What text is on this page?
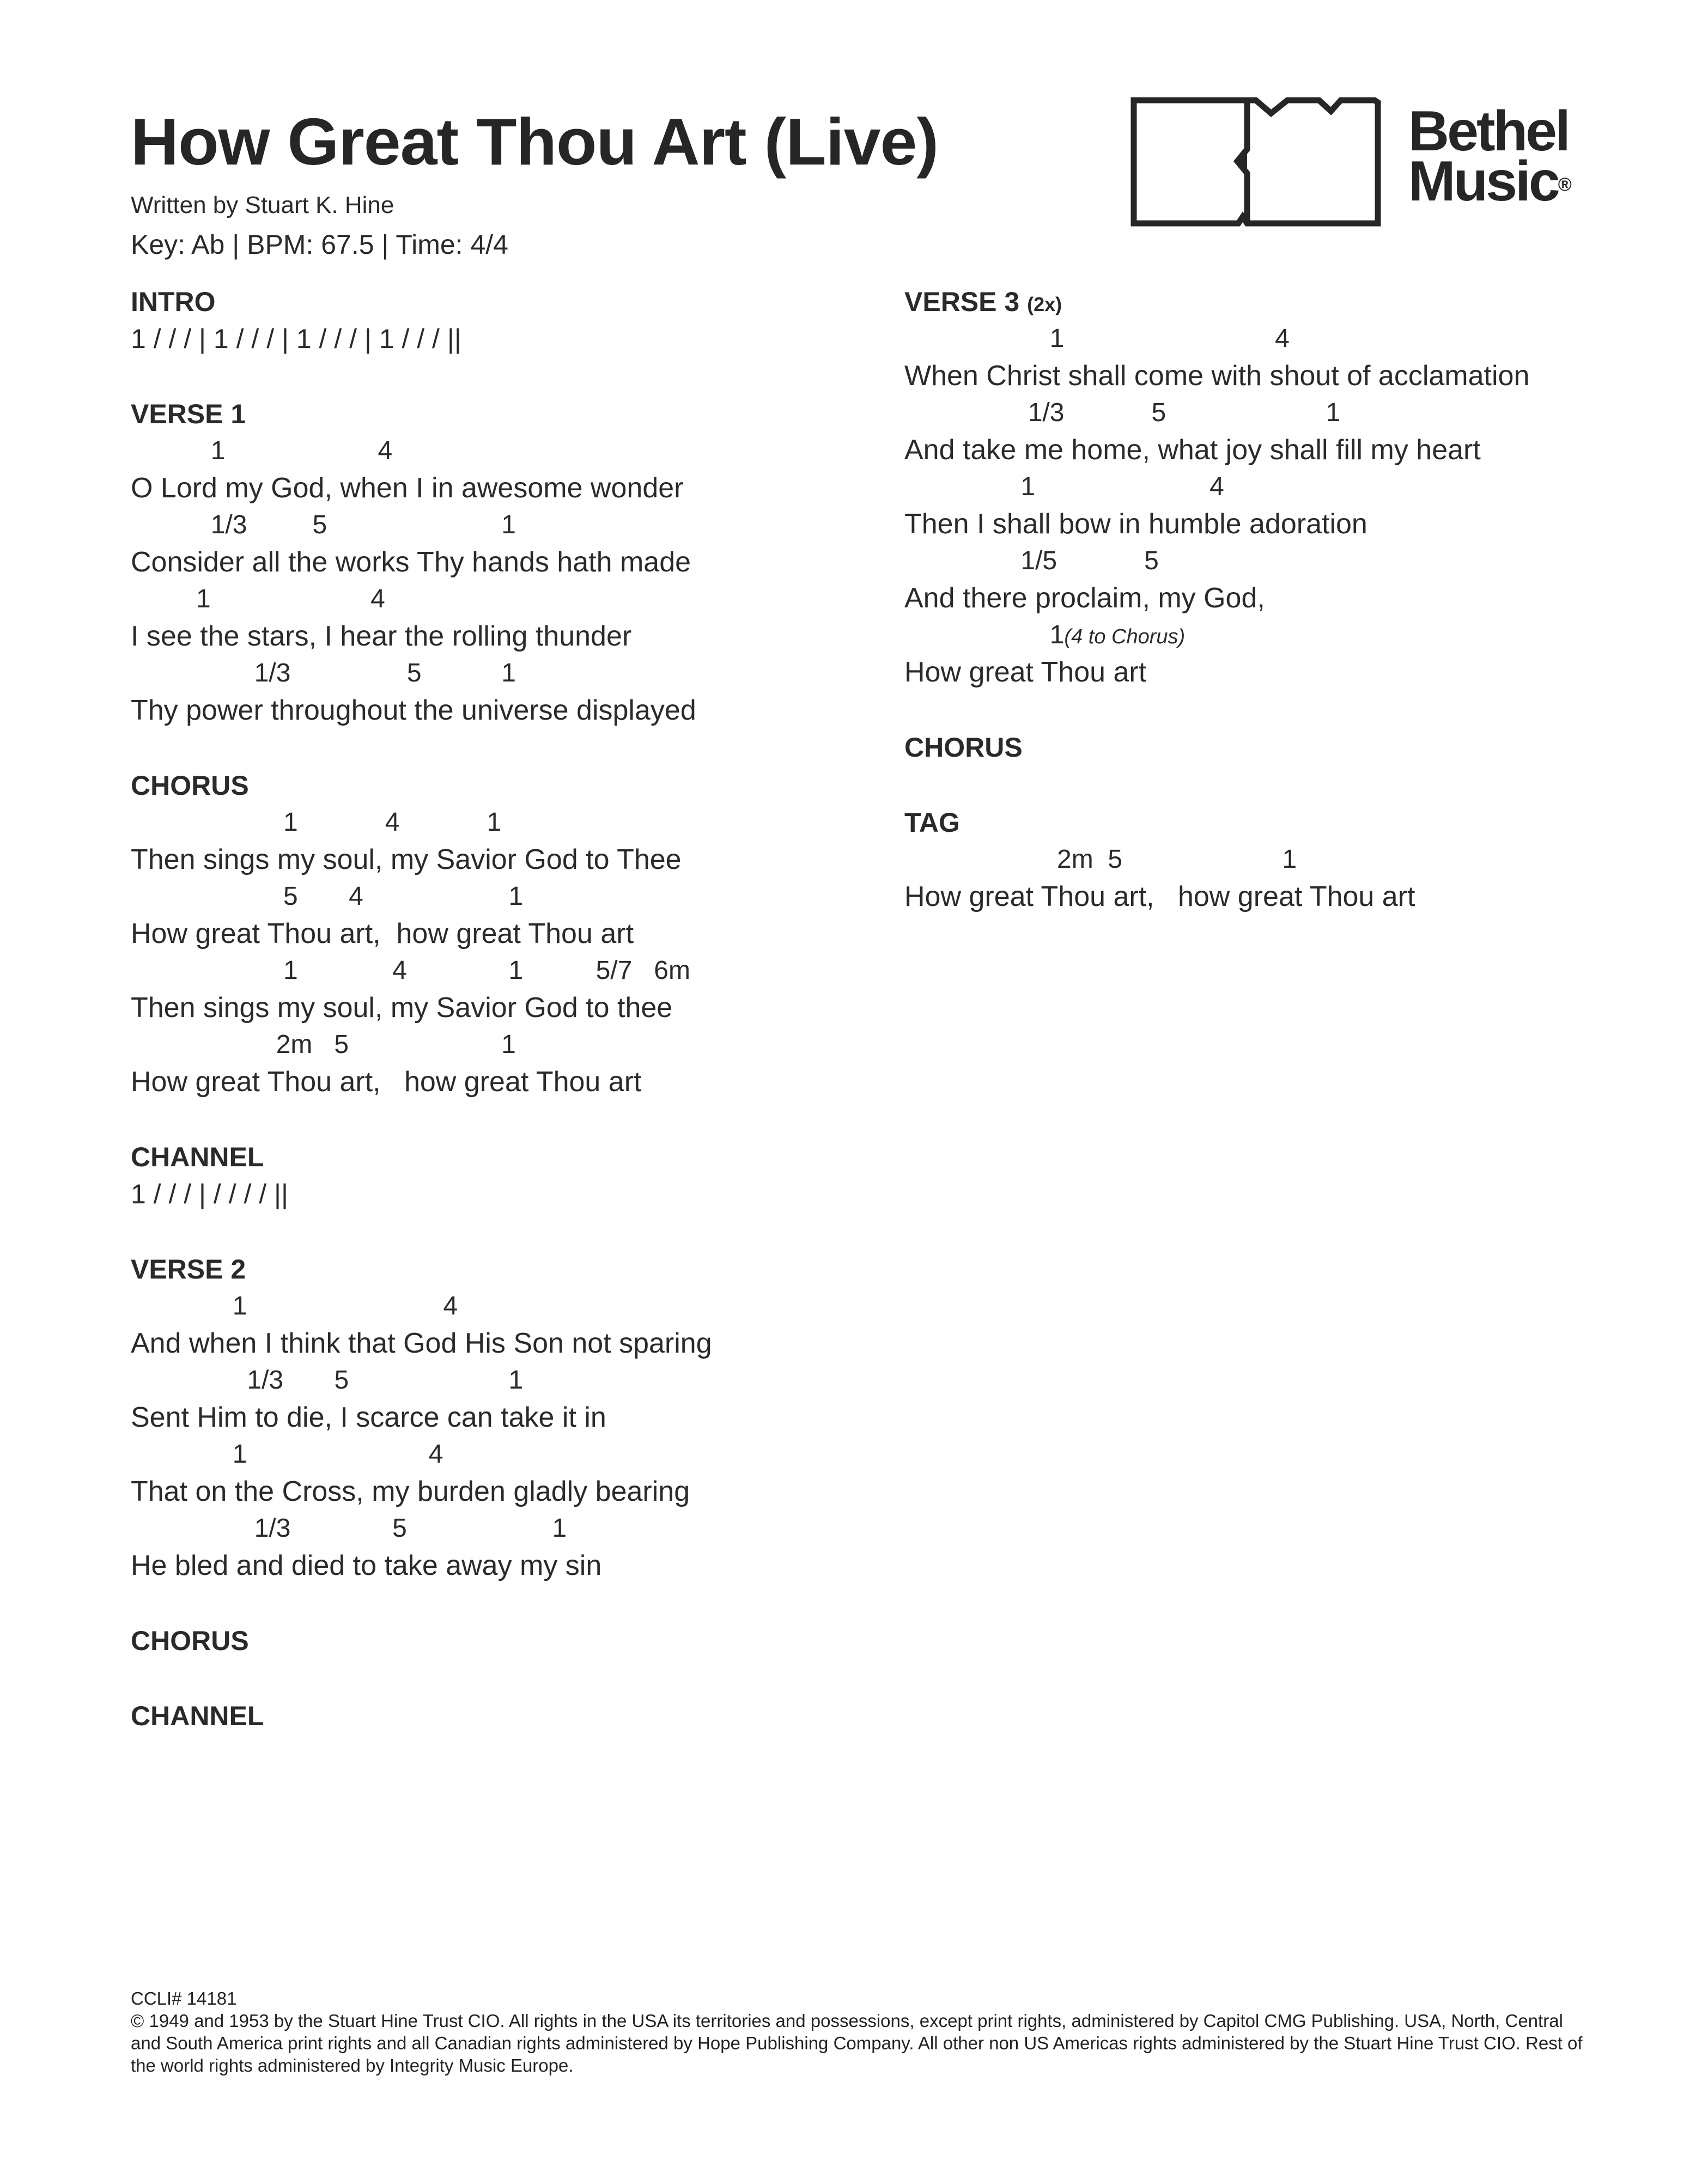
How Great Thou Art (Live)
Written by Stuart K. Hine
Key: Ab | BPM: 67.5 | Time: 4/4
Bethel
Music®
INTRO
1 / / / | 1 / / / | 1 / / / | 1 / / / ||
VERSE 1
1                     4
O Lord my God, when I in awesome wonder
1/3         5                        1
Consider all the works Thy hands hath made
1                      4
I see the stars, I hear the rolling thunder
1/3                5           1
Thy power throughout the universe displayed
CHORUS
1            4            1
Then sings my soul, my Savior God to Thee
5       4                    1
How great Thou art,  how great Thou art
1             4              1          5/7   6m
Then sings my soul, my Savior God to thee
2m   5                     1
How great Thou art,   how great Thou art
CHANNEL
1 / / / | / / / / ||
VERSE 2
1                           4
And when I think that God His Son not sparing
1/3       5                      1
Sent Him to die, I scarce can take it in
1                         4
That on the Cross, my burden gladly bearing
1/3              5                    1
He bled and died to take away my sin
CHORUS
CHANNEL
VERSE 3 (2x)
1                             4
When Christ shall come with shout of acclamation
1/3            5                      1
And take me home, what joy shall fill my heart
1                        4
Then I shall bow in humble adoration
1/5            5
And there proclaim, my God,
1(4 to Chorus)
How great Thou art
CHORUS
TAG
2m  5                      1
How great Thou art,   how great Thou art
CCLI# 14181
© 1949 and 1953 by the Stuart Hine Trust CIO. All rights in the USA its territories and possessions, except print rights, administered by Capitol CMG Publishing. USA, North, Central and South America print rights and all Canadian rights administered by Hope Publishing Company. All other non US Americas rights administered by the Stuart Hine Trust CIO. Rest of the world rights administered by Integrity Music Europe.
